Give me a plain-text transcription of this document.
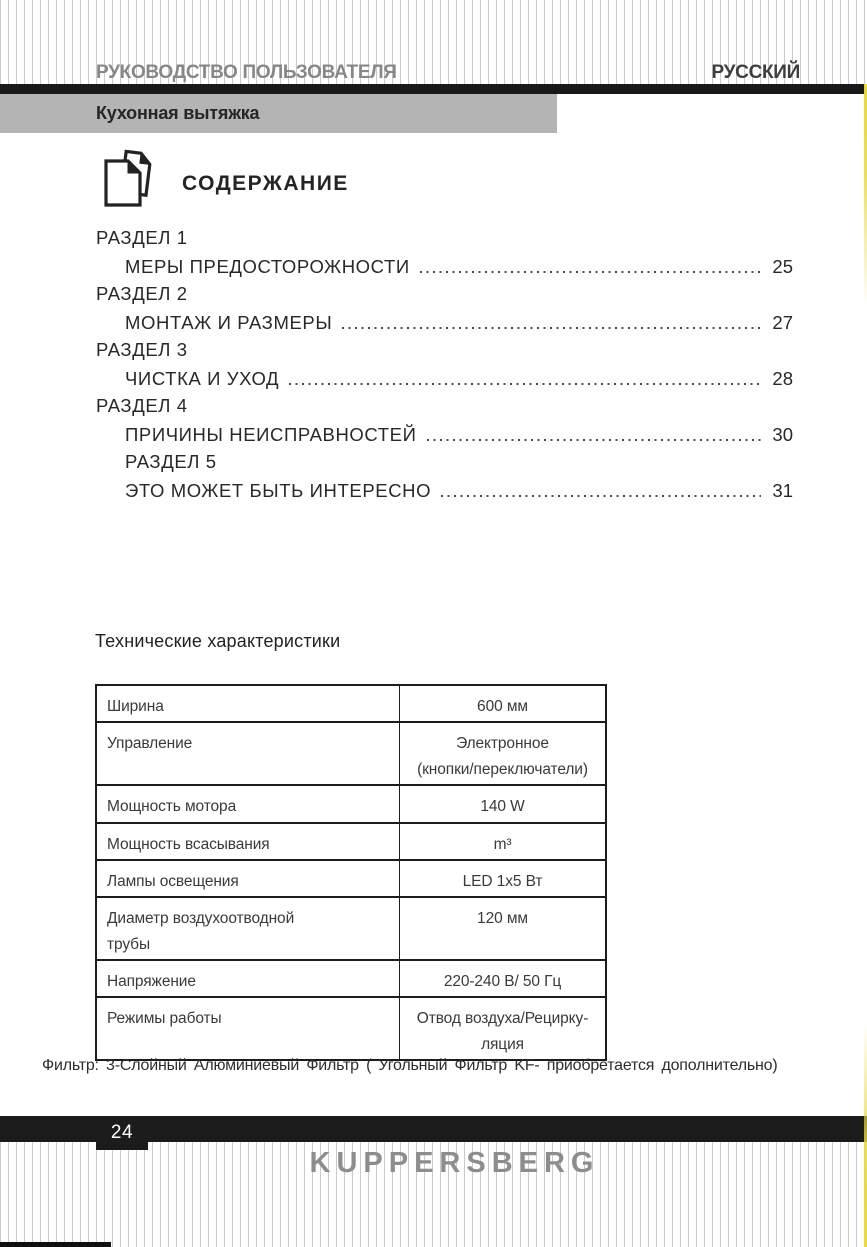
РУКОВОДСТВО ПОЛЬЗОВАТЕЛЯ	РУССКИЙ
Кухонная вытяжка
СОДЕРЖАНИЕ
РАЗДЕЛ 1
МЕРЫ ПРЕДОСТОРОЖНОСТИ	25
РАЗДЕЛ 2
МОНТАЖ И РАЗМЕРЫ	27
РАЗДЕЛ 3
ЧИСТКА И УХОД	28
РАЗДЕЛ 4
ПРИЧИНЫ НЕИСПРАВНОСТЕЙ	30
РАЗДЕЛ 5
ЭТО МОЖЕТ БЫТЬ ИНТЕРЕСНО	31
Технические характеристики
Ширина	600 мм

Управление	Электронное
(кнопки/переключатели)

Мощность мотора	140 W

Мощность всасывания	m³

Лампы освещения	LED 1x5 Вт

Диаметр воздухоотводной
трубы	120 мм

Напряжение	220-240 В/ 50 Гц

Режимы работы	Отвод воздуха/Рецирку-
ляция
Фильтр: 3-Слойный Алюминиевый Фильтр ( Угольный Фильтр KF- приобретается дополнительно)
24
KUPPERSBERG
